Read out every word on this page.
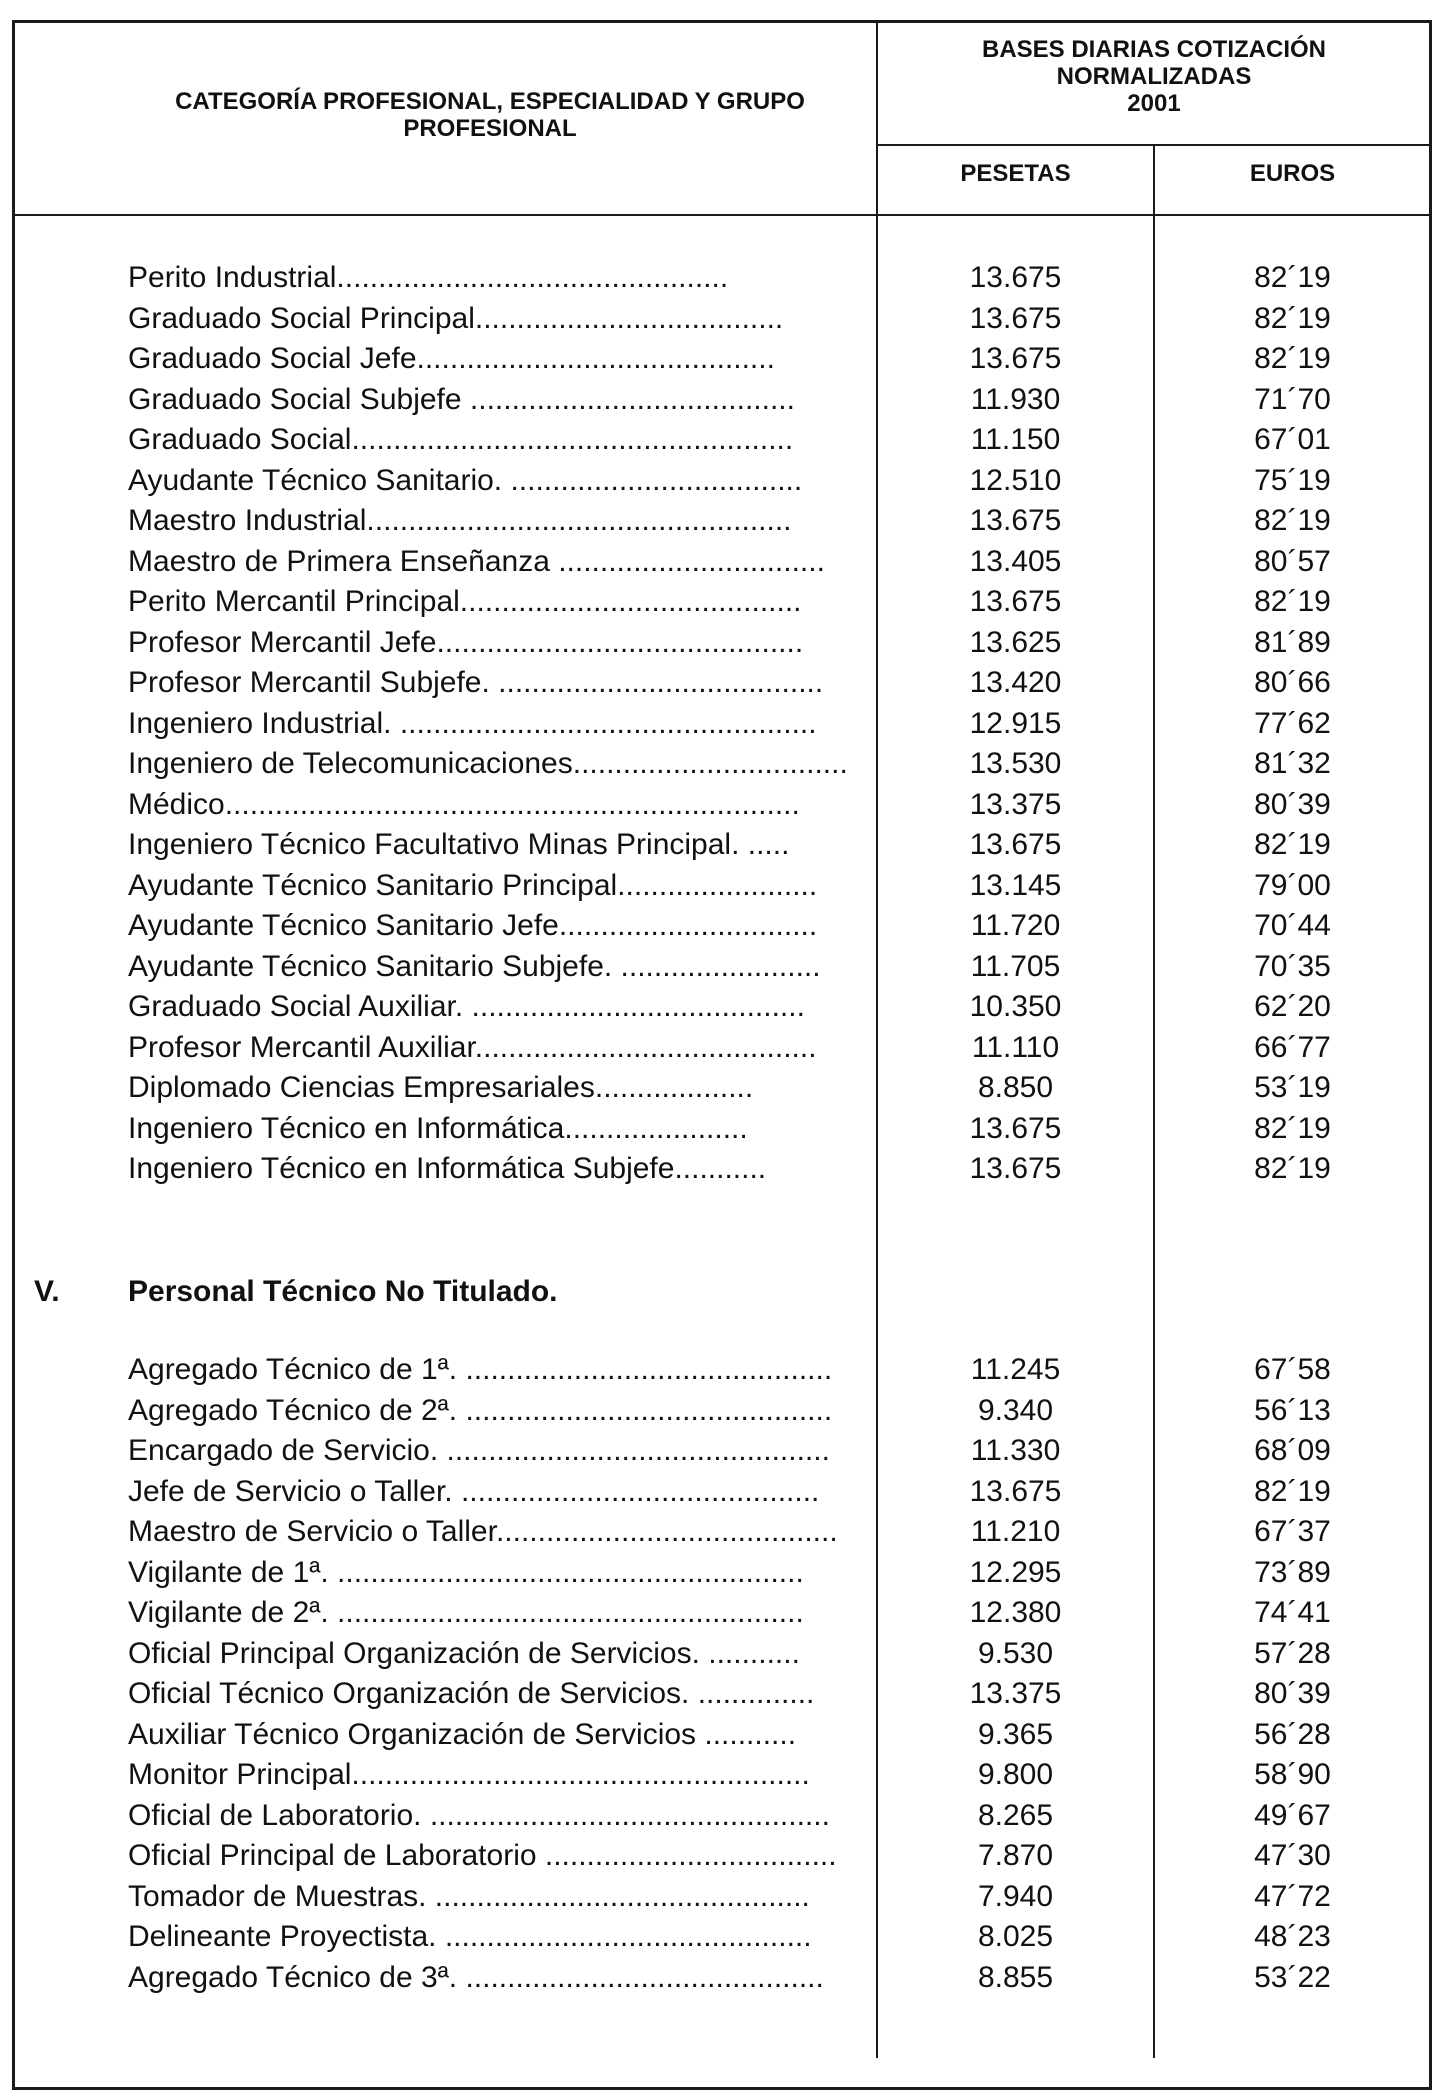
CATEGORÍA PROFESIONAL, ESPECIALIDAD Y GRUPO PROFESIONAL
BASES DIARIAS COTIZACIÓN
NORMALIZADAS
2001
PESETAS	EUROS
Perito Industrial...............................................	13.675	82´19
Graduado Social Principal.....................................	13.675	82´19
Graduado Social Jefe...........................................	13.675	82´19
Graduado Social Subjefe .......................................	11.930	71´70
Graduado Social.....................................................	11.150	67´01
Ayudante Técnico Sanitario. ...................................	12.510	75´19
Maestro Industrial...................................................	13.675	82´19
Maestro de Primera Enseñanza ................................	13.405	80´57
Perito Mercantil Principal.........................................	13.675	82´19
Profesor Mercantil Jefe............................................	13.625	81´89
Profesor Mercantil Subjefe. .......................................	13.420	80´66
Ingeniero Industrial. ..................................................	12.915	77´62
Ingeniero de Telecomunicaciones.................................	13.530	81´32
Médico.....................................................................	13.375	80´39
Ingeniero Técnico Facultativo Minas Principal. .....	13.675	82´19
Ayudante Técnico Sanitario Principal........................	13.145	79´00
Ayudante Técnico Sanitario Jefe...............................	11.720	70´44
Ayudante Técnico Sanitario Subjefe. ........................	11.705	70´35
Graduado Social Auxiliar. ........................................	10.350	62´20
Profesor Mercantil Auxiliar.........................................	11.110	66´77
Diplomado Ciencias Empresariales...................	8.850	53´19
Ingeniero Técnico en Informática......................	13.675	82´19
Ingeniero Técnico en Informática Subjefe...........	13.675	82´19
V. Personal Técnico No Titulado.
Agregado Técnico de 1ª. ............................................	11.245	67´58
Agregado Técnico de 2ª. ............................................	9.340	56´13
Encargado de Servicio. ..............................................	11.330	68´09
Jefe de Servicio o Taller. ...........................................	13.675	82´19
Maestro de Servicio o Taller.........................................	11.210	67´37
Vigilante de 1ª. ........................................................	12.295	73´89
Vigilante de 2ª. ........................................................	12.380	74´41
Oficial Principal Organización de Servicios. ...........	9.530	57´28
Oficial Técnico Organización de Servicios. ..............	13.375	80´39
Auxiliar Técnico Organización de Servicios ...........	9.365	56´28
Monitor Principal.......................................................	9.800	58´90
Oficial de Laboratorio. ................................................	8.265	49´67
Oficial Principal de Laboratorio ...................................	7.870	47´30
Tomador de Muestras. .............................................	7.940	47´72
Delineante Proyectista. ............................................	8.025	48´23
Agregado Técnico de 3ª. ...........................................	8.855	53´22
